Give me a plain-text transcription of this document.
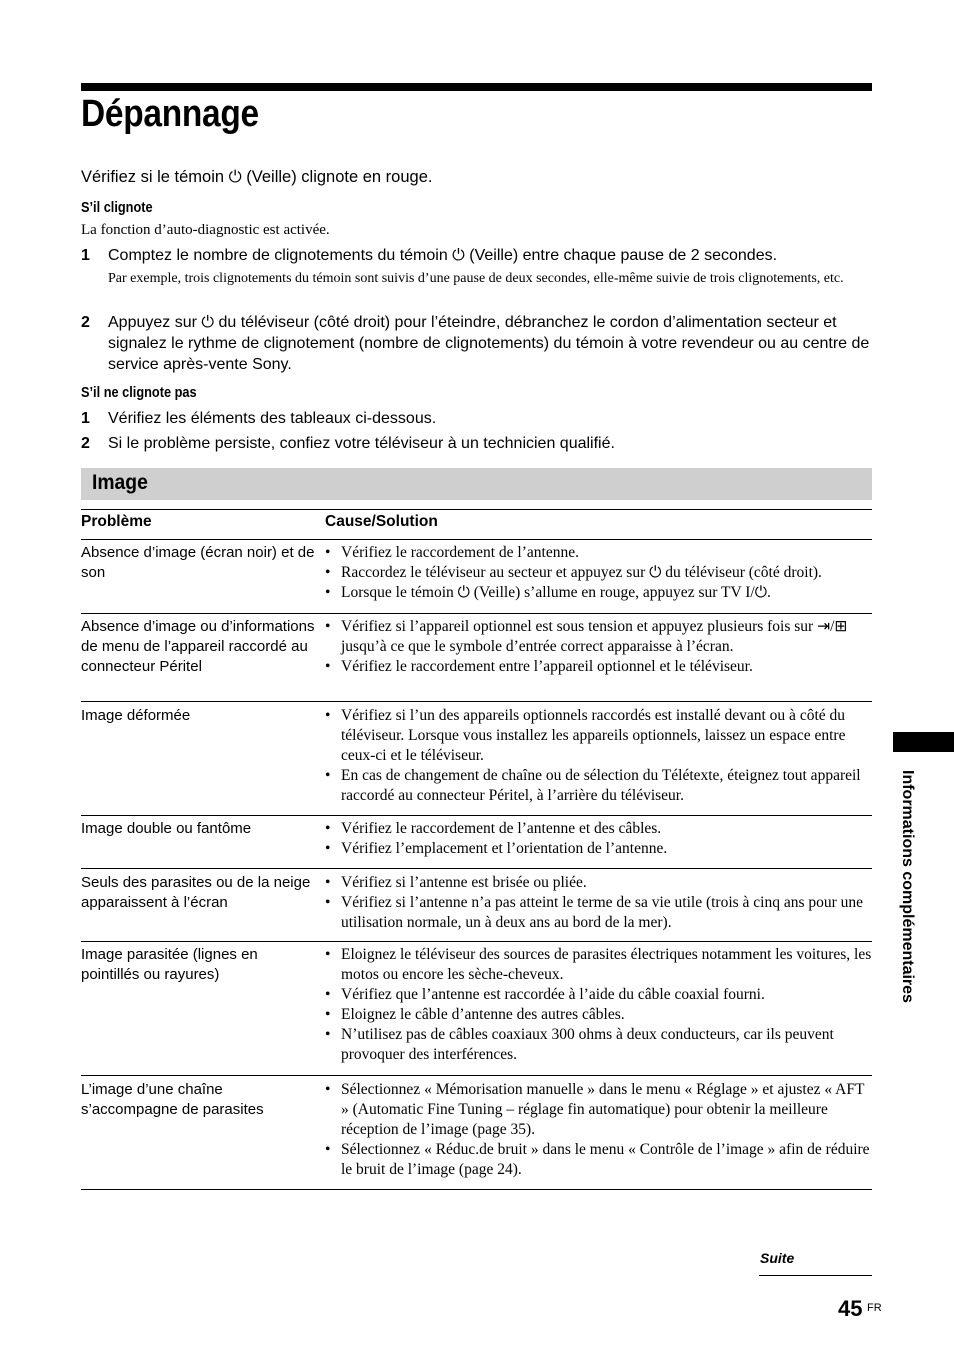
Dépannage
Vérifiez si le témoin ⏻ (Veille) clignote en rouge.
S’il clignote
La fonction d’auto-diagnostic est activée.
1 Comptez le nombre de clignotements du témoin ⏻ (Veille) entre chaque pause de 2 secondes.
Par exemple, trois clignotements du témoin sont suivis d’une pause de deux secondes, elle-même suivie de trois clignotements, etc.
2 Appuyez sur ⏻ du téléviseur (côté droit) pour l’éteindre, débranchez le cordon d’alimentation secteur et signalez le rythme de clignotement (nombre de clignotements) du témoin à votre revendeur ou au centre de service après-vente Sony.
S’il ne clignote pas
1 Vérifiez les éléments des tableaux ci-dessous.
2 Si le problème persiste, confiez votre téléviseur à un technicien qualifié.
Image
Problème	Cause/Solution
Absence d’image (écran noir) et de son
• Vérifiez le raccordement de l’antenne.
• Raccordez le téléviseur au secteur et appuyez sur ⏻ du téléviseur (côté droit).
• Lorsque le témoin ⏻ (Veille) s’allume en rouge, appuyez sur TV I/⏻.
Absence d’image ou d’informations de menu de l’appareil raccordé au connecteur Péritel
• Vérifiez si l’appareil optionnel est sous tension et appuyez plusieurs fois sur ⇥/⊞ jusqu’à ce que le symbole d’entrée correct apparaisse à l’écran.
• Vérifiez le raccordement entre l’appareil optionnel et le téléviseur.
Image déformée	• Vérifiez si l’un des appareils optionnels raccordés est installé devant ou à côté du téléviseur. Lorsque vous installez les appareils optionnels, laissez un espace entre ceux-ci et le téléviseur.
• En cas de changement de chaîne ou de sélection du Télétexte, éteignez tout appareil raccordé au connecteur Péritel, à l’arrière du téléviseur.
Image double ou fantôme	• Vérifiez le raccordement de l’antenne et des câbles.
• Vérifiez l’emplacement et l’orientation de l’antenne.
Seuls des parasites ou de la neige apparaissent à l’écran
• Vérifiez si l’antenne est brisée ou pliée.
• Vérifiez si l’antenne n’a pas atteint le terme de sa vie utile (trois à cinq ans pour une utilisation normale, un à deux ans au bord de la mer).
Image parasitée (lignes en pointillés ou rayures)
• Eloignez le téléviseur des sources de parasites électriques notamment les voitures, les motos ou encore les sèche-cheveux.
• Vérifiez que l’antenne est raccordée à l’aide du câble coaxial fourni.
• Eloignez le câble d’antenne des autres câbles.
• N’utilisez pas de câbles coaxiaux 300 ohms à deux conducteurs, car ils peuvent provoquer des interférences.
L’image d’une chaîne s’accompagne de parasites
• Sélectionnez « Mémorisation manuelle » dans le menu « Réglage » et ajustez « AFT » (Automatic Fine Tuning – réglage fin automatique) pour obtenir la meilleure réception de l’image (page 35).
• Sélectionnez « Réduc.de bruit » dans le menu « Contrôle de l’image » afin de réduire le bruit de l’image (page 24).
Informations complémentaires
Suite
45 FR
